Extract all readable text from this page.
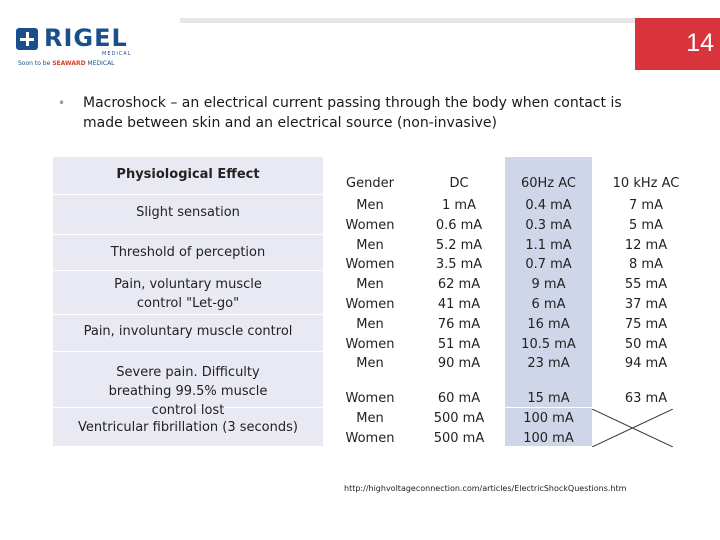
RIGEL
MEDICAL
Soon to be SEAWARD MEDICAL
14
• Macroshock – an electrical current passing through the body when contact is made between skin and an electrical source (non-invasive)
Physiological Effect
Slight sensation
Threshold of perception
Pain, voluntary muscle control "Let-go"
Pain, involuntary muscle control
Severe pain. Difficulty breathing 99.5% muscle control lost
Ventricular fibrillation (3 seconds)
Gender
Men
Women
Men
Women
Men
Women
Men
Women
Men
Women
Men
Women
DC
1 mA
0.6 mA
5.2 mA
3.5 mA
62 mA
41 mA
76 mA
51 mA
90 mA
60 mA
500 mA
500 mA
60Hz AC
0.4 mA
0.3 mA
1.1 mA
0.7 mA
9 mA
6 mA
16 mA
10.5 mA
23 mA
15 mA
100 mA
100 mA
10 kHz AC
7 mA
5 mA
12 mA
8 mA
55 mA
37 mA
75 mA
50 mA
94 mA
63 mA
http://highvoltageconnection.com/articles/ElectricShockQuestions.htm
